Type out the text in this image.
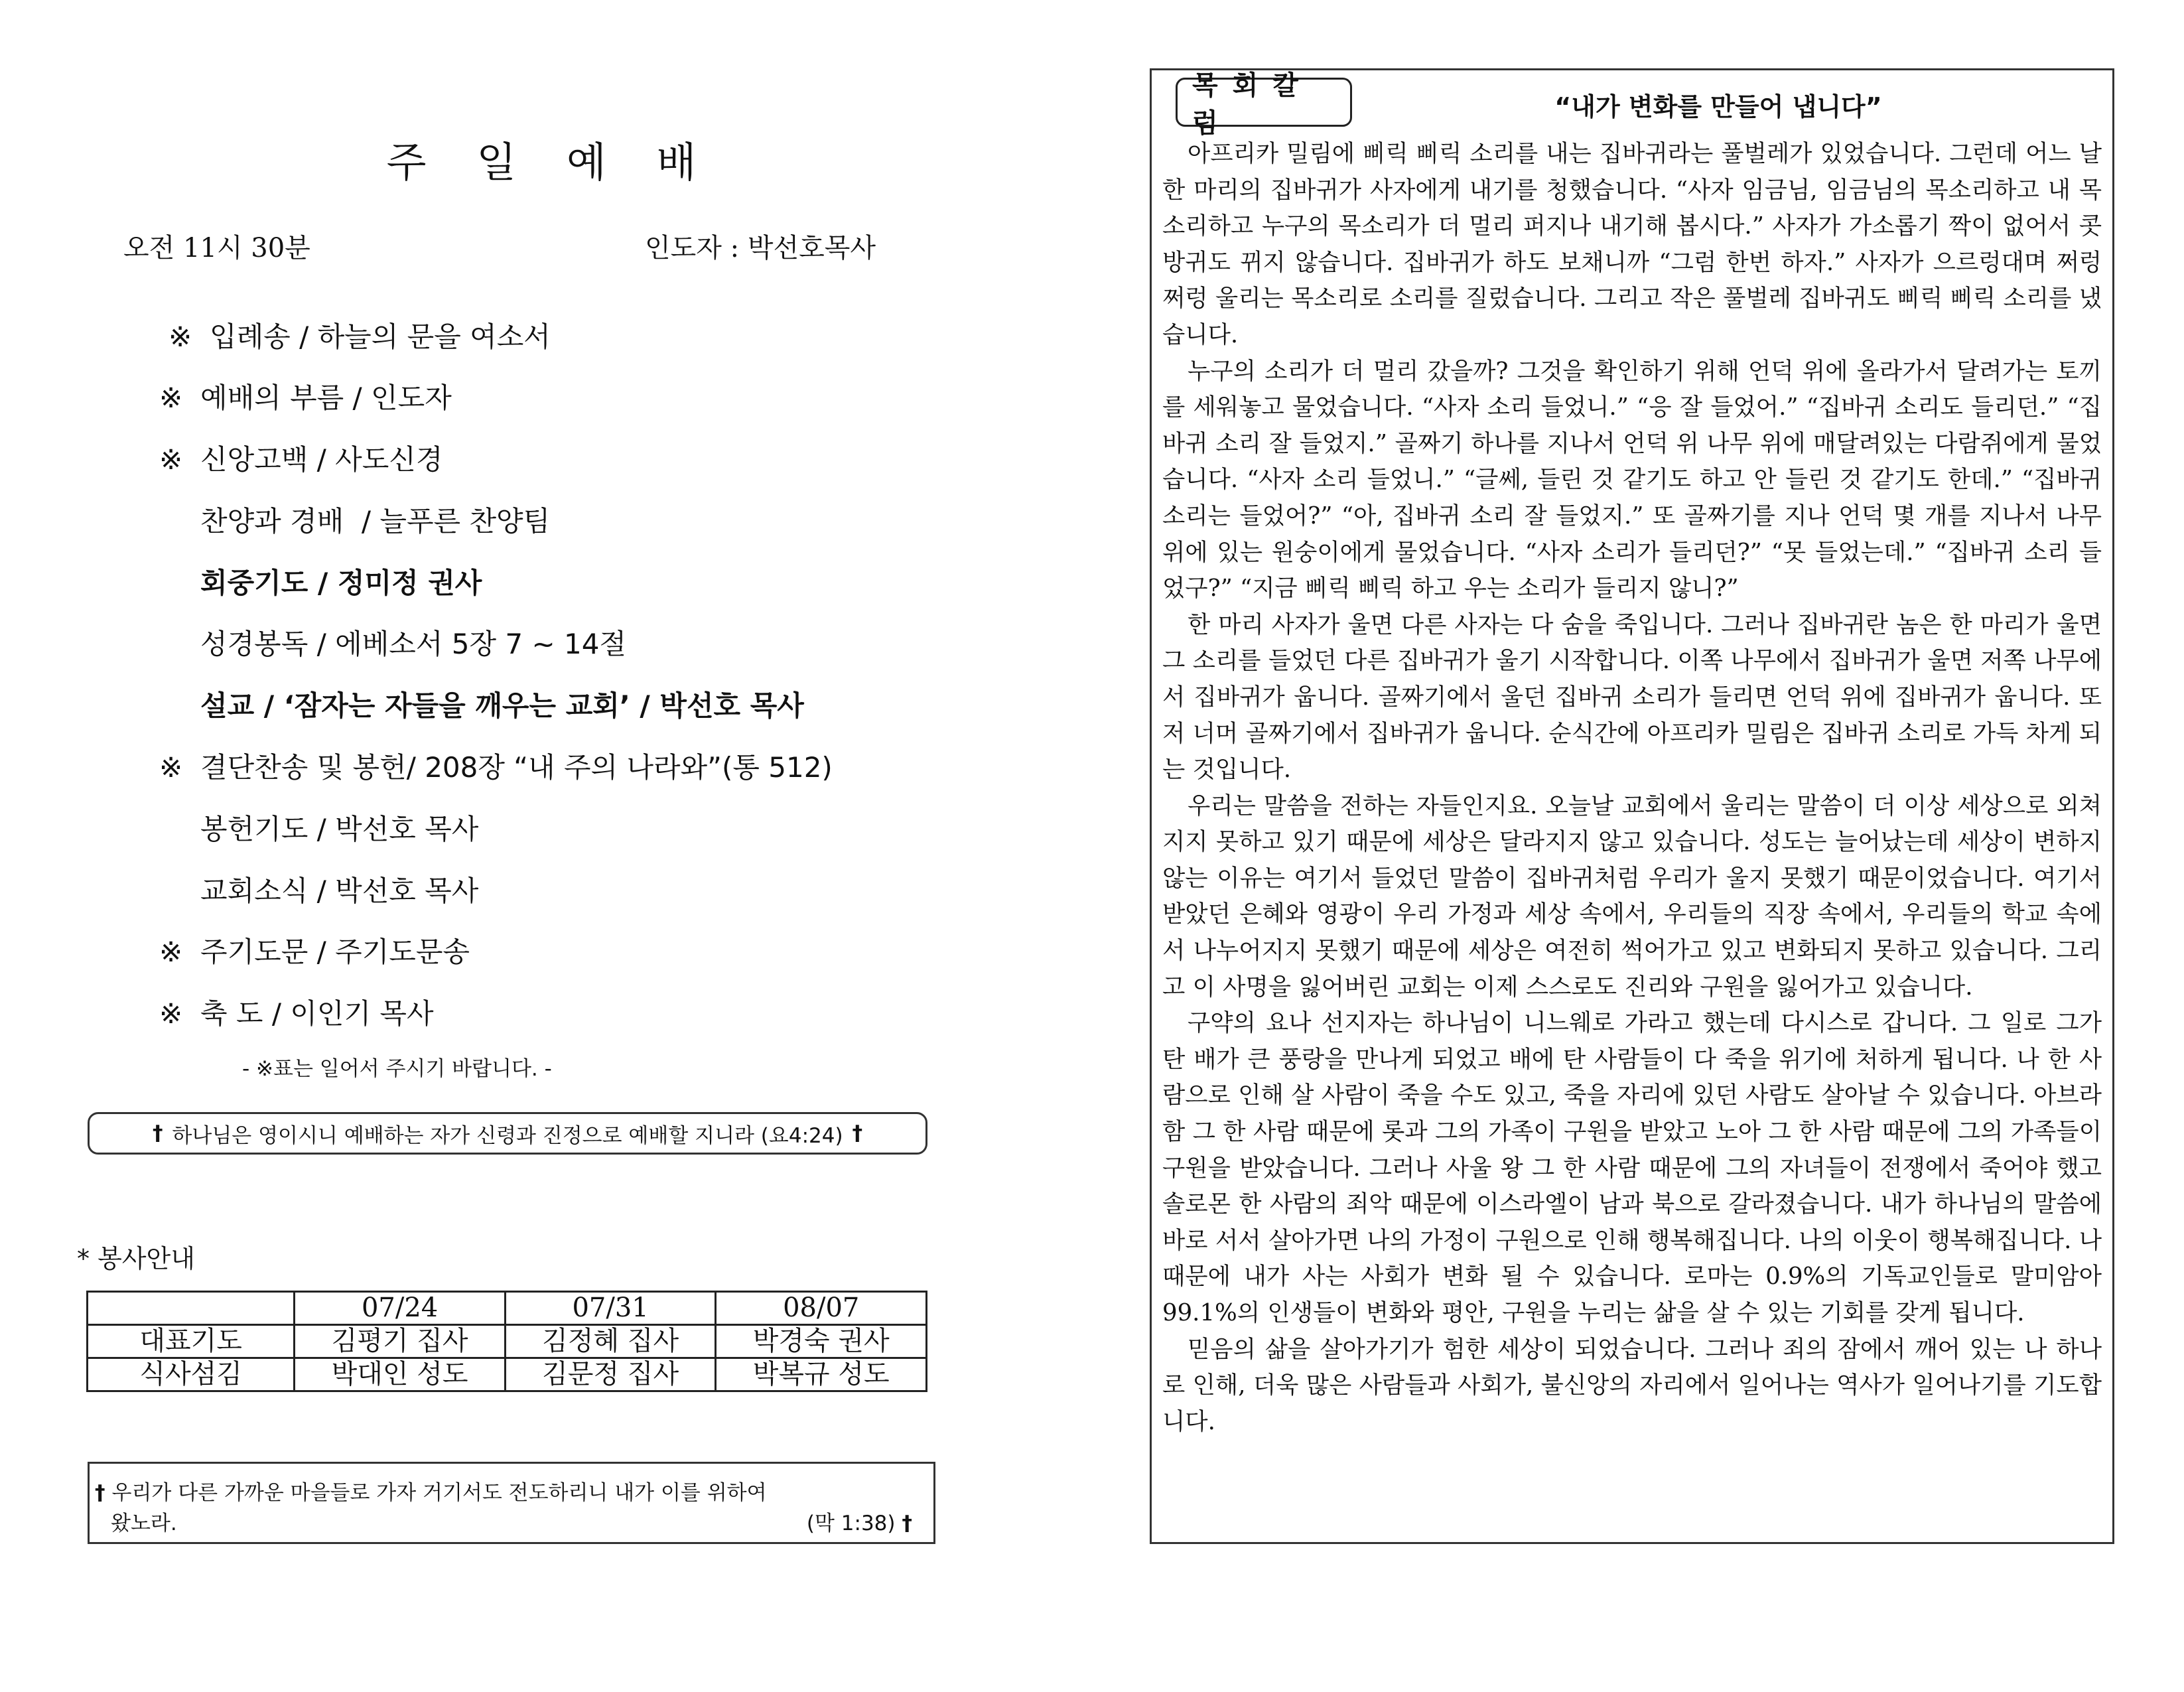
주 일 예 배
오전 11시 30분	인도자 : 박선호목사
※ 입례송 / 하늘의 문을 여소서
※ 예배의 부름 / 인도자
※ 신앙고백 / 사도신경
찬양과 경배  / 늘푸른 찬양팀
회중기도 / 정미정 권사
성경봉독 / 에베소서 5장 7 ~ 14절
설교 / ‘잠자는 자들을 깨우는 교회’ / 박선호 목사
※ 결단찬송 및 봉헌/ 208장 “내 주의 나라와”(통 512)
봉헌기도 / 박선호 목사
교회소식 / 박선호 목사
※ 주기도문 / 주기도문송
※ 축 도 / 이인기 목사
- ※표는 일어서 주시기 바랍니다. -
† 하나님은 영이시니 예배하는 자가 신령과 진정으로 예배할 지니라 (요4:24) †
* 봉사안내
	07/24	07/31	08/07
대표기도	김평기 집사	김정혜 집사	박경숙 권사
식사섬김	박대인 성도	김문정 집사	박복규 성도
† 우리가 다른 가까운 마을들로 가자 거기서도 전도하리니 내가 이를 위하여
왔노라.	(막 1:38) †
목회칼럼
“내가 변화를 만들어 냅니다”

아프리카 밀림에 삐릭 삐릭 소리를 내는 집바귀라는 풀벌레가 있었습니다. 그런데 어느 날 한 마리의 집바귀가 사자에게 내기를 청했습니다. “사자 임금님, 임금님의 목소리하고 내 목소리하고 누구의 목소리가 더 멀리 퍼지나 내기해 봅시다.” 사자가 가소롭기 짝이 없어서 콧방귀도 뀌지 않습니다. 집바귀가 하도 보채니까 “그럼 한번 하자.” 사자가 으르렁대며 쩌렁 쩌렁 울리는 목소리로 소리를 질렀습니다. 그리고 작은 풀벌레 집바귀도 삐릭 삐릭 소리를 냈습니다.

누구의 소리가 더 멀리 갔을까? 그것을 확인하기 위해 언덕 위에 올라가서 달려가는 토끼를 세워놓고 물었습니다. “사자 소리 들었니.” “응 잘 들었어.” “집바귀 소리도 들리던.” “집바귀 소리 잘 들었지.” 골짜기 하나를 지나서 언덕 위 나무 위에 매달려있는 다람쥐에게 물었습니다. “사자 소리 들었니.” “글쎄, 들린 것 같기도 하고 안 들린 것 같기도 한데.” “집바귀 소리는 들었어?” “아, 집바귀 소리 잘 들었지.” 또 골짜기를 지나 언덕 몇 개를 지나서 나무 위에 있는 원숭이에게 물었습니다. “사자 소리가 들리던?” “못 들었는데.” “집바귀 소리 들었구?” “지금 삐릭 삐릭 하고 우는 소리가 들리지 않니?”

한 마리 사자가 울면 다른 사자는 다 숨을 죽입니다. 그러나 집바귀란 놈은 한 마리가 울면 그 소리를 들었던 다른 집바귀가 울기 시작합니다. 이쪽 나무에서 집바귀가 울면 저쪽 나무에서 집바귀가 웁니다. 골짜기에서 울던 집바귀 소리가 들리면 언덕 위에 집바귀가 웁니다. 또 저 너머 골짜기에서 집바귀가 웁니다. 순식간에 아프리카 밀림은 집바귀 소리로 가득 차게 되는 것입니다.

우리는 말씀을 전하는 자들인지요. 오늘날 교회에서 울리는 말씀이 더 이상 세상으로 외쳐지지 못하고 있기 때문에 세상은 달라지지 않고 있습니다. 성도는 늘어났는데 세상이 변하지 않는 이유는 여기서 들었던 말씀이 집바귀처럼 우리가 울지 못했기 때문이었습니다. 여기서 받았던 은혜와 영광이 우리 가정과 세상 속에서, 우리들의 직장 속에서, 우리들의 학교 속에서 나누어지지 못했기 때문에 세상은 여전히 썩어가고 있고 변화되지 못하고 있습니다. 그리고 이 사명을 잃어버린 교회는 이제 스스로도 진리와 구원을 잃어가고 있습니다.

구약의 요나 선지자는 하나님이 니느웨로 가라고 했는데 다시스로 갑니다. 그 일로 그가 탄 배가 큰 풍랑을 만나게 되었고 배에 탄 사람들이 다 죽을 위기에 처하게 됩니다. 나 한 사람으로 인해 살 사람이 죽을 수도 있고, 죽을 자리에 있던 사람도 살아날 수 있습니다. 아브라함 그 한 사람 때문에 롯과 그의 가족이 구원을 받았고 노아 그 한 사람 때문에 그의 가족들이 구원을 받았습니다. 그러나 사울 왕 그 한 사람 때문에 그의 자녀들이 전쟁에서 죽어야 했고 솔로몬 한 사람의 죄악 때문에 이스라엘이 남과 북으로 갈라졌습니다. 내가 하나님의 말씀에 바로 서서 살아가면 나의 가정이 구원으로 인해 행복해집니다. 나의 이웃이 행복해집니다. 나 때문에 내가 사는 사회가 변화 될 수 있습니다. 로마는 0.9%의 기독교인들로 말미암아 99.1%의 인생들이 변화와 평안, 구원을 누리는 삶을 살 수 있는 기회를 갖게 됩니다.

믿음의 삶을 살아가기가 험한 세상이 되었습니다. 그러나 죄의 잠에서 깨어 있는 나 하나로 인해, 더욱 많은 사람들과 사회가, 불신앙의 자리에서 일어나는 역사가 일어나기를 기도합니다.
